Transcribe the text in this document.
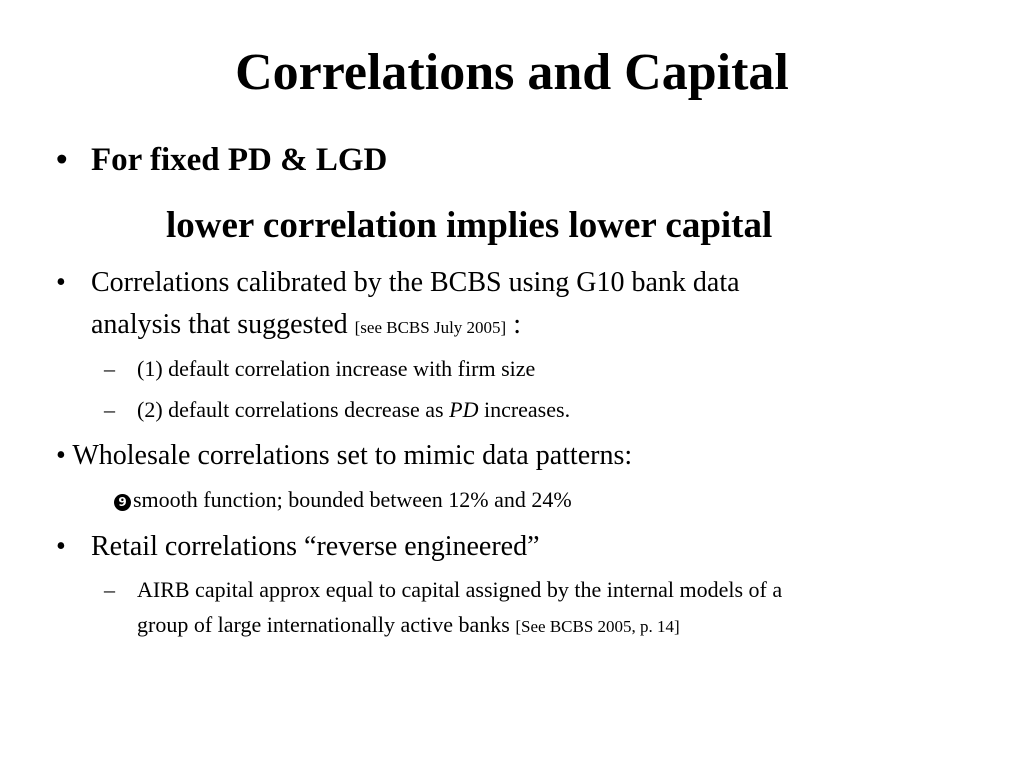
Correlations and Capital
• For fixed PD & LGD
lower correlation implies lower capital
• Correlations calibrated by the BCBS using G10 bank data
analysis that suggested [see BCBS July 2005] :
– (1) default correlation increase with firm size
– (2) default correlations decrease as PD increases.
• Wholesale correlations set to mimic data patterns:
9 smooth function; bounded between 12% and 24%
• Retail correlations “reverse engineered”
– AIRB capital approx equal to capital assigned by the internal models of a
group of large internationally active banks [See BCBS 2005, p. 14]
